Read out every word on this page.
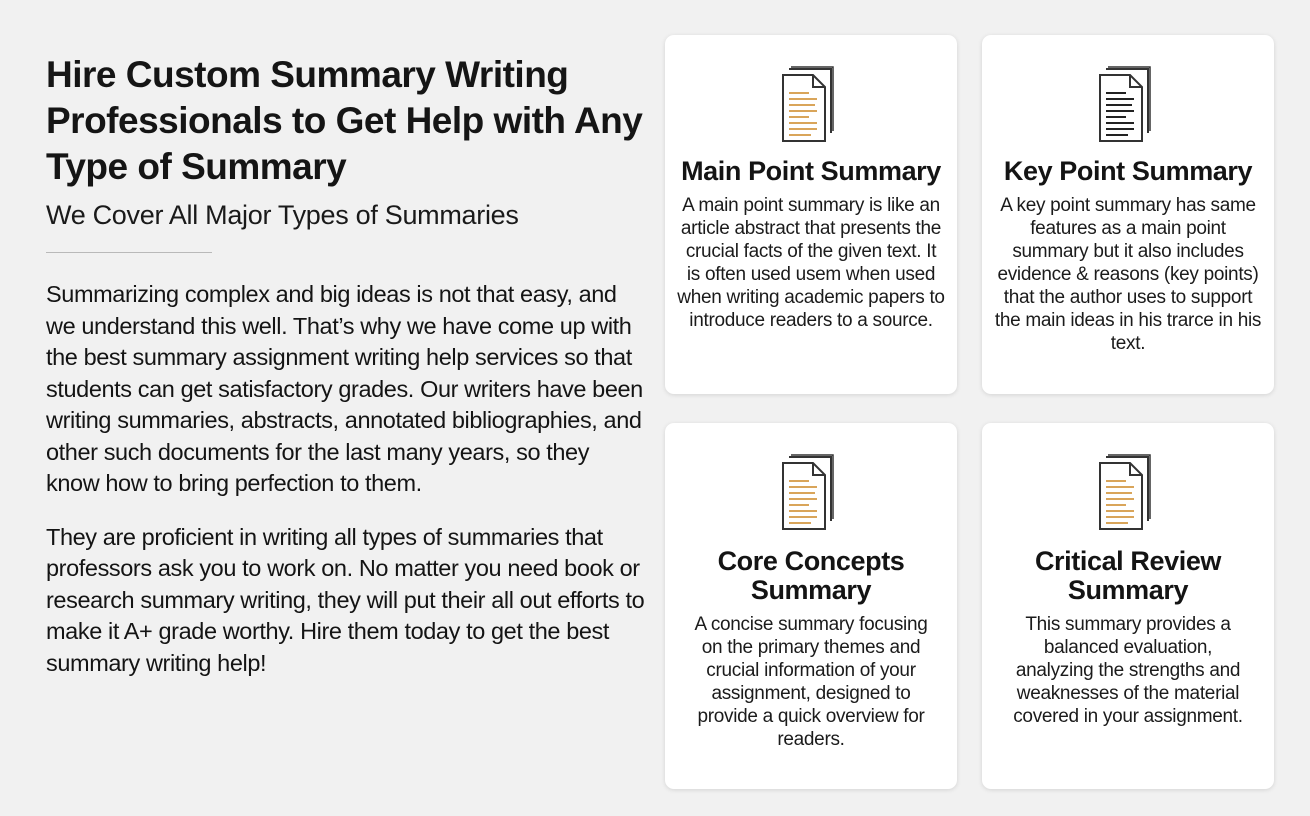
Hire Custom Summary Writing Professionals to Get Help with Any Type of Summary
We Cover All Major Types of Summaries

Summarizing complex and big ideas is not that easy, and we understand this well. That’s why we have come up with the best summary assignment writing help services so that students can get satisfactory grades. Our writers have been writing summaries, abstracts, annotated bibliographies, and other such documents for the last many years, so they know how to bring perfection to them.

They are proficient in writing all types of summaries that professors ask you to work on. No matter you need book or research summary writing, they will put their all out efforts to make it A+ grade worthy. Hire them today to get the best summary writing help!

Main Point Summary

A main point summary is like an article abstract that presents the crucial facts of the given text. It is often used usem when used when writing academic papers to introduce readers to a source.

Key Point Summary

A key point summary has same features as a main point summary but it also includes evidence & reasons (key points) that the author uses to support the main ideas in his trarce in his text.

Core Concepts Summary

A concise summary focusing on the primary themes and crucial information of your assignment, designed to provide a quick overview for readers.

Critical Review Summary

This summary provides a balanced evaluation, analyzing the strengths and weaknesses of the material covered in your assignment.
